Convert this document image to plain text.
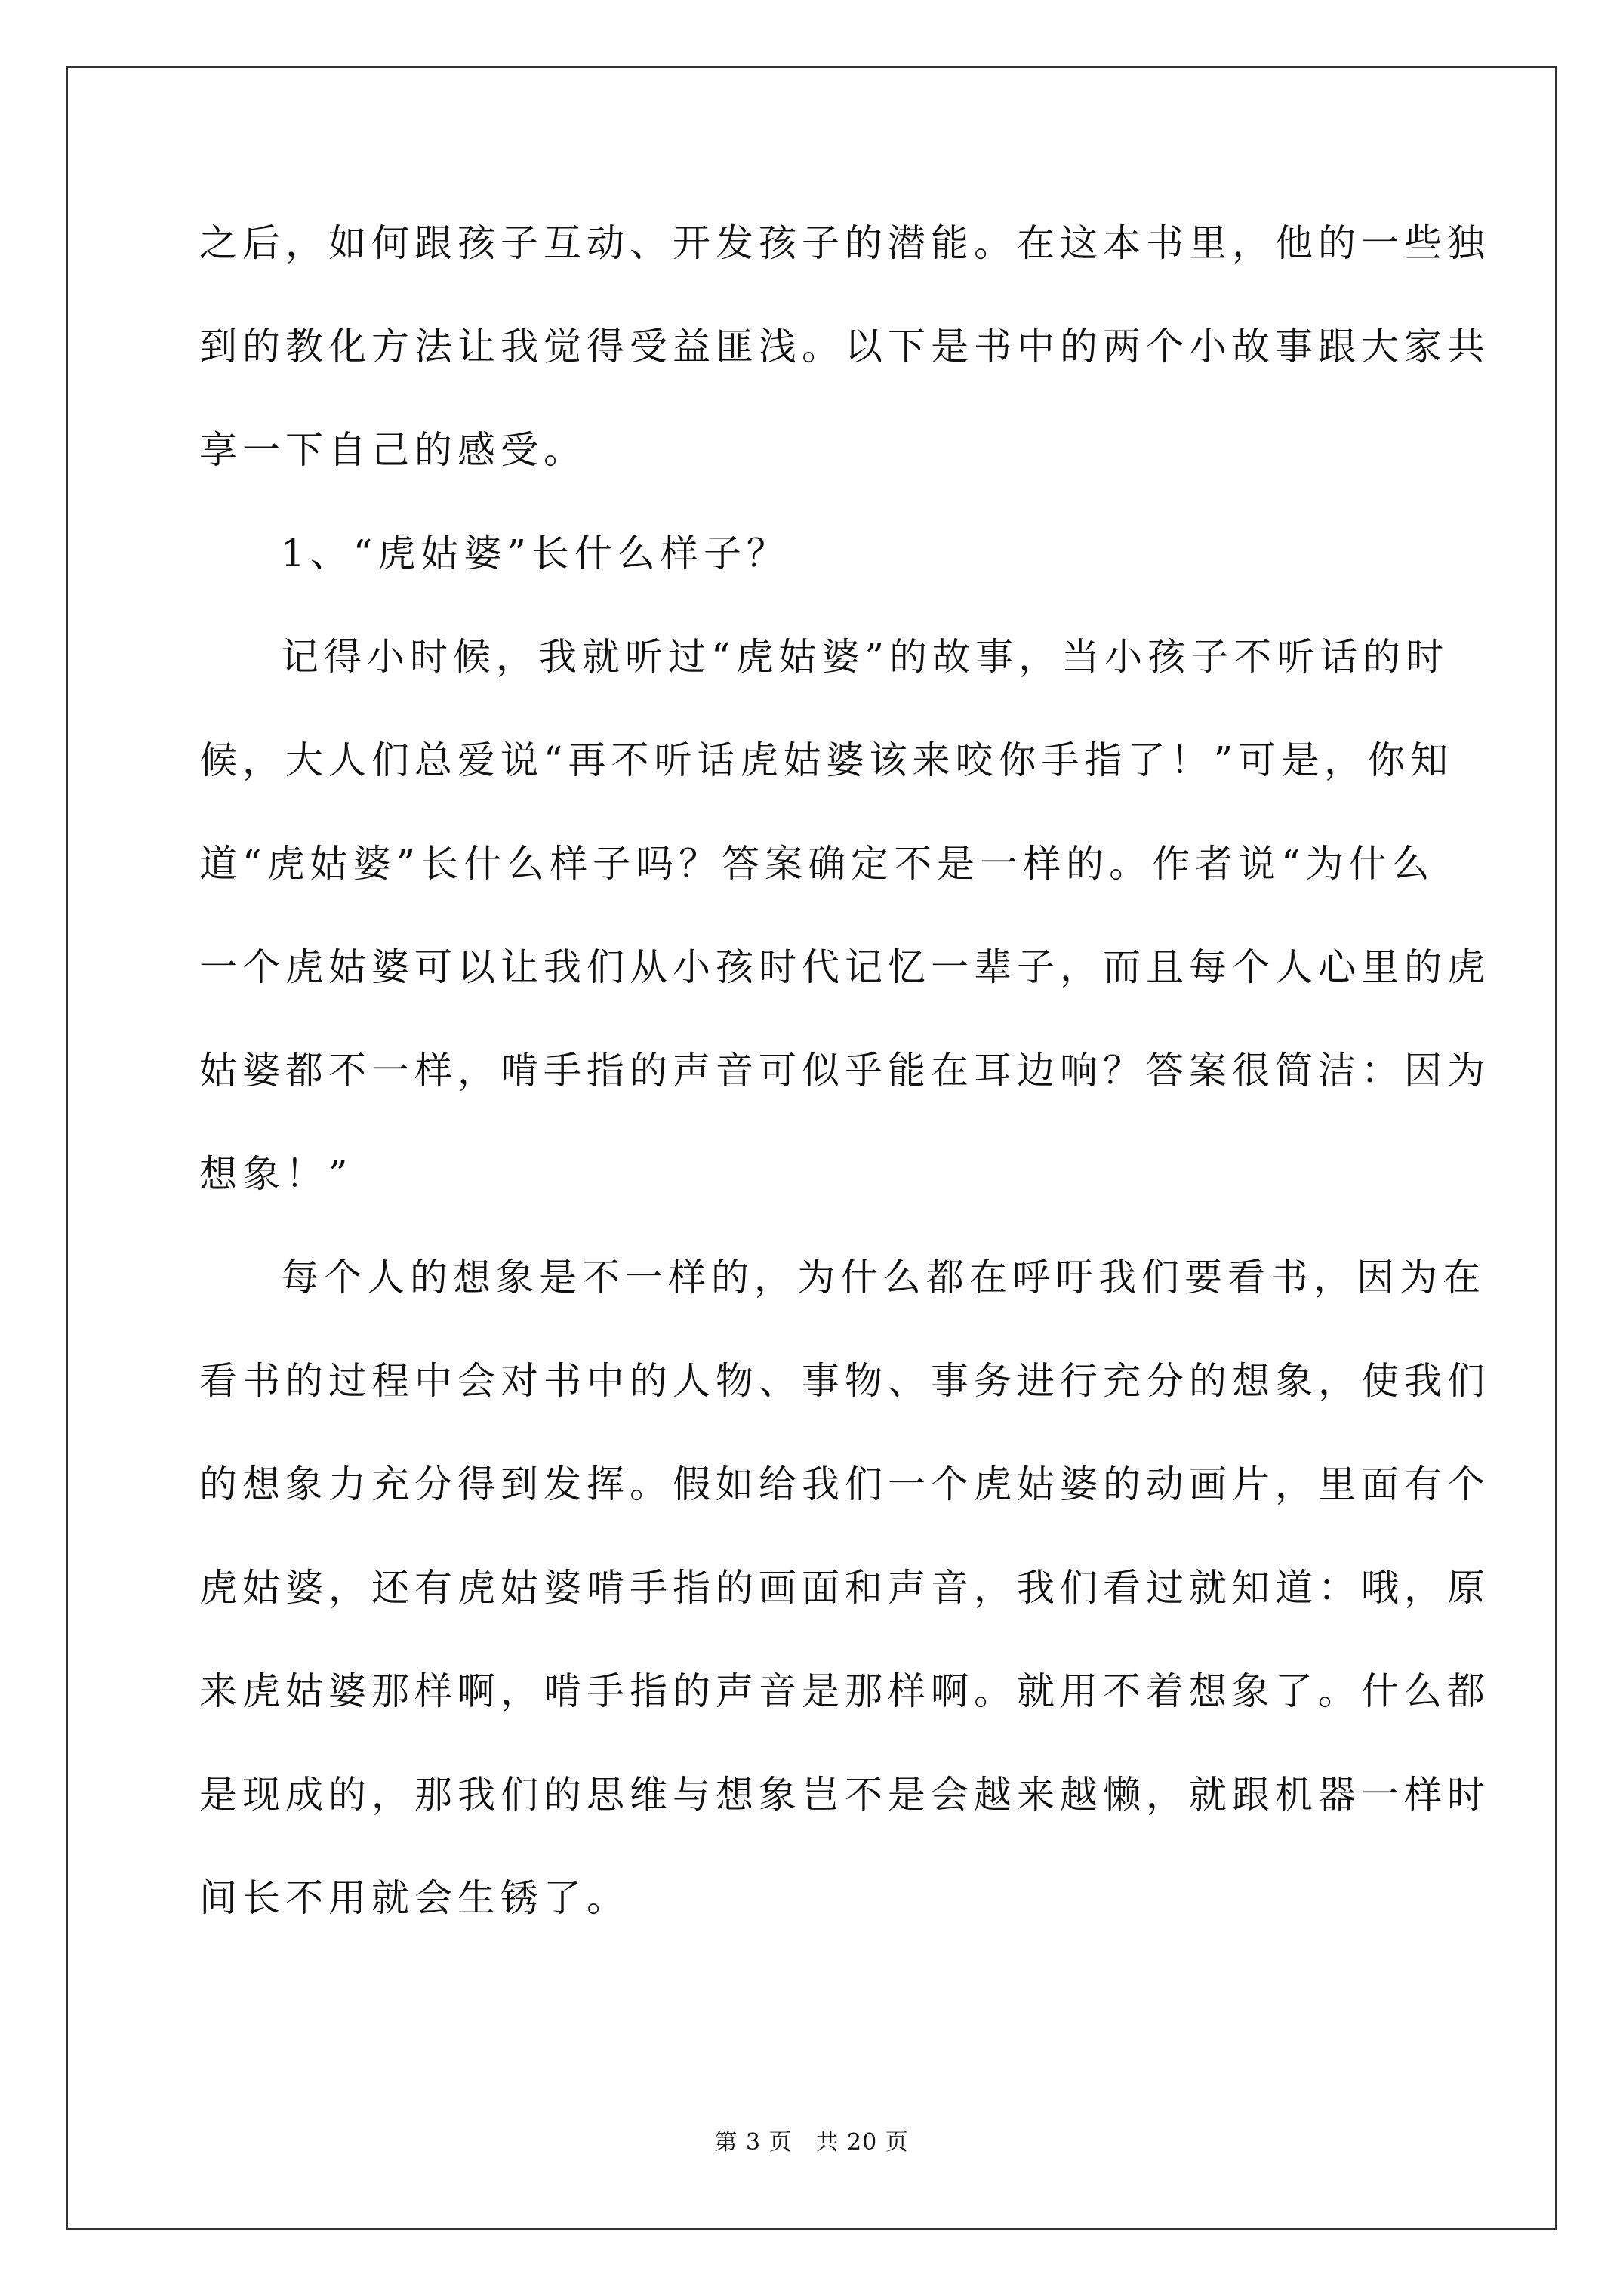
之后，如何跟孩子互动、开发孩子的潜能。在这本书里，他的一些独
到的教化方法让我觉得受益匪浅。以下是书中的两个小故事跟大家共
享一下自己的感受。
1、“虎姑婆”长什么样子？
记得小时候，我就听过“虎姑婆”的故事，当小孩子不听话的时
候，大人们总爱说“再不听话虎姑婆该来咬你手指了！”可是，你知
道“虎姑婆”长什么样子吗？答案确定不是一样的。作者说“为什么
一个虎姑婆可以让我们从小孩时代记忆一辈子，而且每个人心里的虎
姑婆都不一样，啃手指的声音可似乎能在耳边响？答案很简洁：因为
想象！”
每个人的想象是不一样的，为什么都在呼吁我们要看书，因为在
看书的过程中会对书中的人物、事物、事务进行充分的想象，使我们
的想象力充分得到发挥。假如给我们一个虎姑婆的动画片，里面有个
虎姑婆，还有虎姑婆啃手指的画面和声音，我们看过就知道：哦，原
来虎姑婆那样啊，啃手指的声音是那样啊。就用不着想象了。什么都
是现成的，那我们的思维与想象岂不是会越来越懒，就跟机器一样时
间长不用就会生锈了。
第 3 页　共 20 页
